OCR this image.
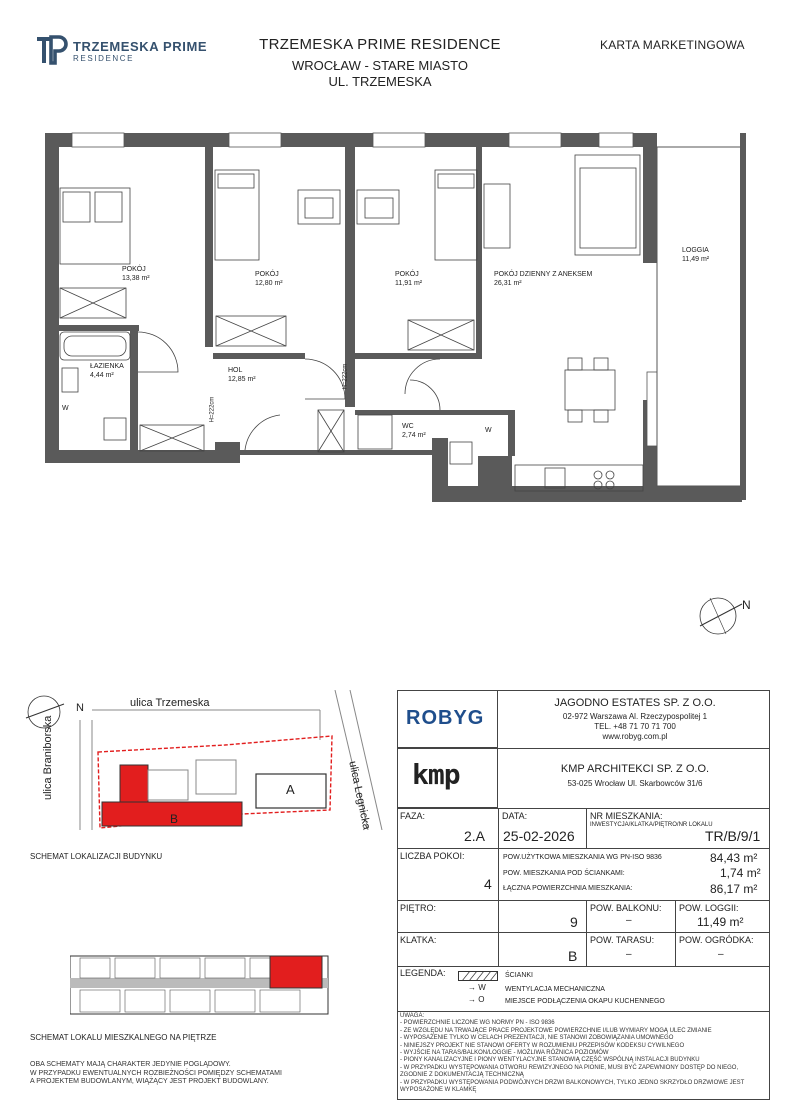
TRZEMESKA PRIME
RESIDENCE
TRZEMESKA PRIME RESIDENCE
WROCŁAW - STARE MIASTO
UL. TRZEMESKA
KARTA MARKETINGOWA
POKÓJ
13,38 m²
POKÓJ
12,80 m²
POKÓJ
11,91 m²
POKÓJ DZIENNY Z ANEKSEM
26,31 m²
LOGGIA
11,49 m²
ŁAZIENKA
4,44 m²
HOL
12,85 m²
WC
2,74 m²
H=222cm
H=222cm
W
W
N
ulica Trzemeska
ulica Braniborska	ulica Legnicka
B
A
N
SCHEMAT LOKALIZACJI BUDYNKU
SCHEMAT LOKALU MIESZKALNEGO NA PIĘTRZE
OBA SCHEMATY MAJĄ CHARAKTER JEDYNIE POGLĄDOWY.
W PRZYPADKU EWENTUALNYCH ROZBIEŻNOŚCI POMIĘDZY SCHEMATAMI
A PROJEKTEM BUDOWLANYM, WIĄŻĄCY JEST PROJEKT BUDOWLANY.
ROBYG
JAGODNO ESTATES SP. Z O.O.
02-972 Warszawa Al. Rzeczypospolitej 1
TEL. +48 71 70 71 700
www.robyg.com.pl
kmp	KMP ARCHITEKCI SP. Z O.O.
53-025 Wrocław Ul. Skarbowców 31/6
FAZA:
2.A
DATA:
25-02-2026
NR MIESZKANIA:
INWESTYCJA/KLATKA/PIĘTRO/NR LOKALU
TR/B/9/1
LICZBA POKOI:
4
POW.UŻYTKOWA MIESZKANIA WG PN-ISO 9836	84,43 m²
POW. MIESZKANIA POD ŚCIANKAMI:	1,74 m²
ŁĄCZNA POWIERZCHNIA MIESZKANIA:	86,17 m²
PIĘTRO:
9
POW. BALKONU:
–
POW. LOGGII:
11,49 m²
KLATKA:
B
POW. TARASU:
–
POW. OGRÓDKA:
–
LEGENDA:	ŚCIANKI
→ W	WENTYLACJA MECHANICZNA
→ O	MIEJSCE PODŁĄCZENIA OKAPU KUCHENNEGO
UWAGA:
- POWIERZCHNIE LICZONE WG NORMY PN - ISO 9836
- ZE WZGLĘDU NA TRWAJĄCE PRACE PROJEKTOWE POWIERZCHNIE I/LUB WYMIARY MOGĄ ULEC ZMIANIE
- WYPOSAŻENIE TYLKO W CELACH PREZENTACJI, NIE STANOWI ZOBOWIĄZANIA UMOWNEGO
- NINIEJSZY PROJEKT NIE STANOWI OFERTY W ROZUMIENIU PRZEPISÓW KODEKSU CYWILNEGO
- WYJŚCIE NA TARAS/BALKON/LOGGIE - MOŻLIWA RÓŻNICA POZIOMÓW
- PIONY KANALIZACYJNE I PIONY WENTYLACYJNE STANOWIĄ CZĘŚĆ WSPÓLNĄ INSTALACJI BUDYNKU
- W PRZYPADKU WYSTĘPOWANIA OTWORU REWIZYJNEGO NA PIONIE, MUSI BYĆ ZAPEWNIONY DOSTĘP DO NIEGO,
ZGODNIE Z DOKUMENTACJĄ TECHNICZNĄ
- W PRZYPADKU WYSTĘPOWANIA PODWÓJNYCH DRZWI BALKONOWYCH, TYLKO JEDNO SKRZYDŁO DRZWIOWE JEST
WYPOSAŻONE W KLAMKĘ
